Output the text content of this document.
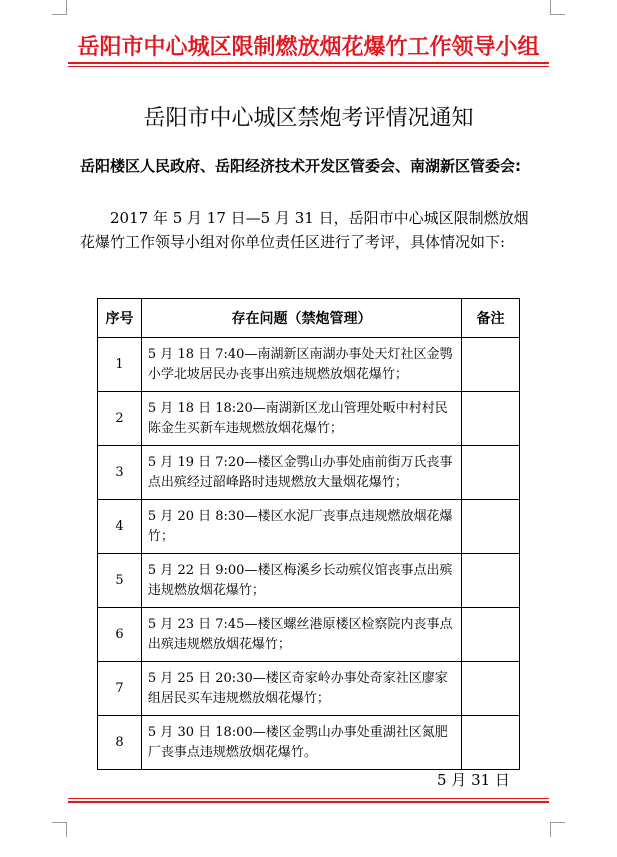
岳阳市中心城区限制燃放烟花爆竹工作领导小组
岳阳市中心城区禁炮考评情况通知
岳阳楼区人民政府、岳阳经济技术开发区管委会、南湖新区管委会:
2017 年 5 月 17 日—5 月 31 日，岳阳市中心城区限制燃放烟花爆竹工作领导小组对你单位责任区进行了考评，具体情况如下:
序号	存在问题（禁炮管理）	备注
1	5 月 18 日 7:40—南湖新区南湖办事处天灯社区金鹗小学北坡居民办丧事出殡违规燃放烟花爆竹；	
2	5 月 18 日 18:20—南湖新区龙山管理处畈中村村民陈金生买新车违规燃放烟花爆竹；	
3	5 月 19 日 7:20—楼区金鹗山办事处庙前街万氏丧事点出殡经过韶峰路时违规燃放大量烟花爆竹；	
4	5 月 20 日 8:30—楼区水泥厂丧事点违规燃放烟花爆竹；	
5	5 月 22 日 9:00—楼区梅溪乡长动殡仪馆丧事点出殡违规燃放烟花爆竹；	
6	5 月 23 日 7:45—楼区螺丝港原楼区检察院内丧事点出殡违规燃放烟花爆竹；	
7	5 月 25 日 20:30—楼区奇家岭办事处奇家社区廖家组居民买车违规燃放烟花爆竹；	
8	5 月 30 日 18:00—楼区金鹗山办事处重湖社区氮肥厂丧事点违规燃放烟花爆竹。	
5 月 31 日
